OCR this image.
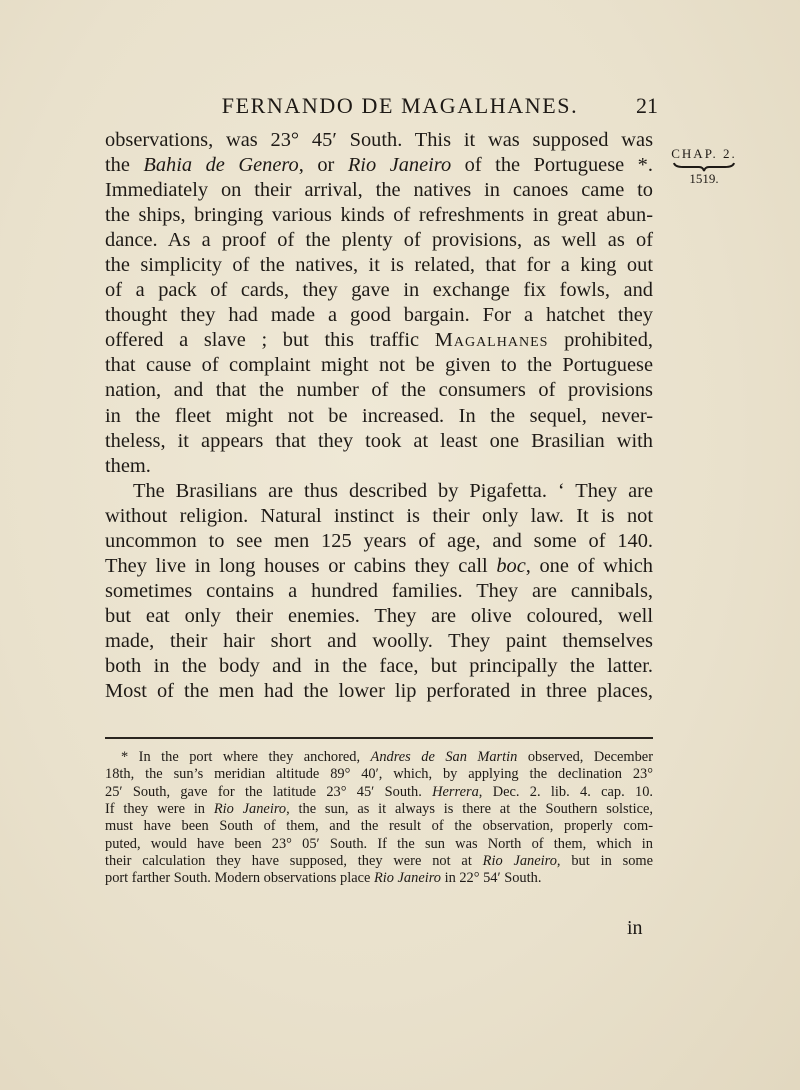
FERNANDO DE MAGALHANES.	21
CHAP. 2.
1519.
observations, was 23° 45′ South. This it was supposed was
the Bahia de Genero, or Rio Janeiro of the Portuguese *.
Immediately on their arrival, the natives in canoes came to
the ships, bringing various kinds of refreshments in great abun-
dance. As a proof of the plenty of provisions, as well as of
the simplicity of the natives, it is related, that for a king out
of a pack of cards, they gave in exchange fix fowls, and
thought they had made a good bargain. For a hatchet they
offered a slave ; but this traffic Magalhanes prohibited,
that cause of complaint might not be given to the Portuguese
nation, and that the number of the consumers of provisions
in the fleet might not be increased. In the sequel, never-
theless, it appears that they took at least one Brasilian with
them.
The Brasilians are thus described by Pigafetta. ‘ They are
without religion. Natural instinct is their only law. It is not
uncommon to see men 125 years of age, and some of 140.
They live in long houses or cabins they call boc, one of which
sometimes contains a hundred families. They are cannibals,
but eat only their enemies. They are olive coloured, well
made, their hair short and woolly. They paint themselves
both in the body and in the face, but principally the latter.
Most of the men had the lower lip perforated in three places,
* In the port where they anchored, Andres de San Martin observed, December
18th, the sun’s meridian altitude 89° 40′, which, by applying the declination 23°
25′ South, gave for the latitude 23° 45′ South. Herrera, Dec. 2. lib. 4. cap. 10.
If they were in Rio Janeiro, the sun, as it always is there at the Southern solstice,
must have been South of them, and the result of the observation, properly com-
puted, would have been 23° 05′ South. If the sun was North of them, which in
their calculation they have supposed, they were not at Rio Janeiro, but in some
port farther South. Modern observations place Rio Janeiro in 22° 54′ South.
in
